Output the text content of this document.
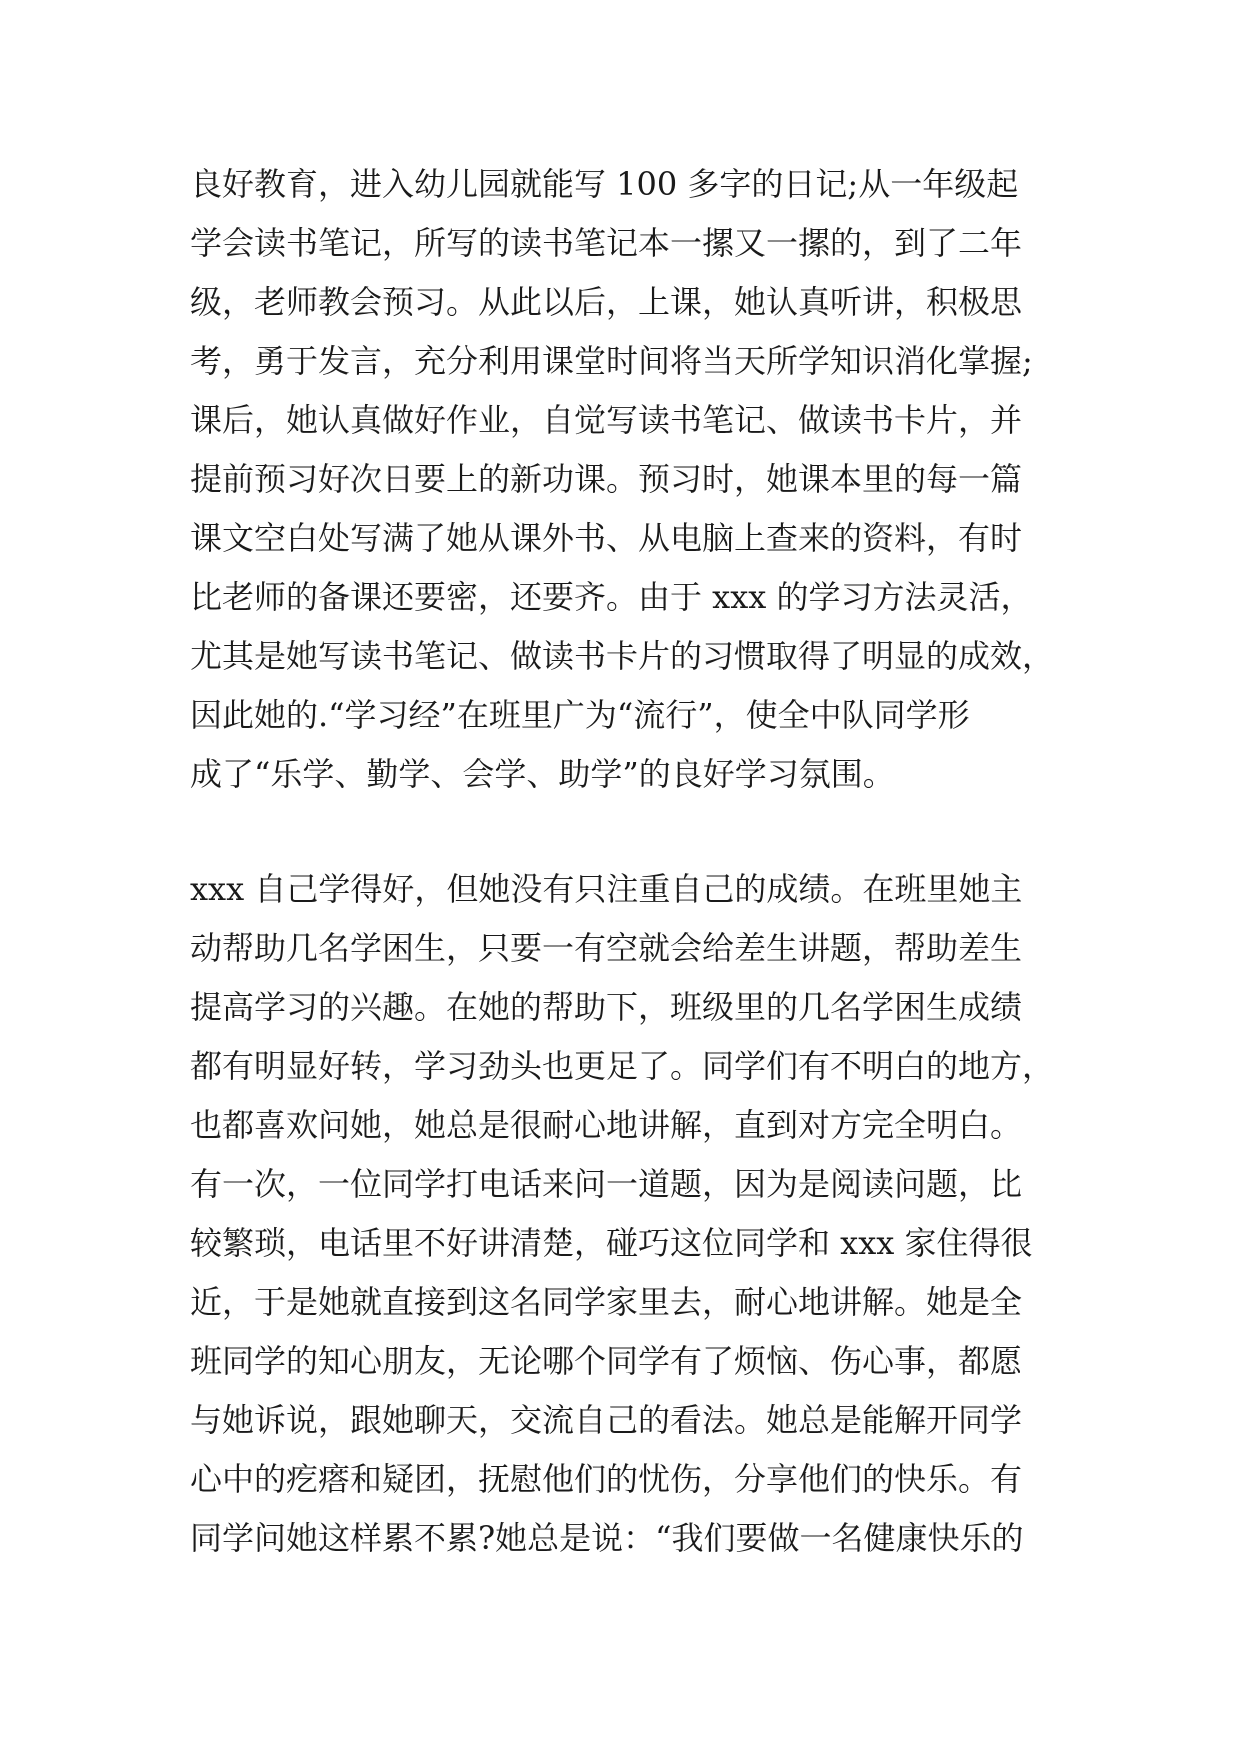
良好教育，进入幼儿园就能写 100 多字的日记;从一年级起
学会读书笔记，所写的读书笔记本一摞又一摞的，到了二年
级，老师教会预习。从此以后，上课，她认真听讲，积极思
考，勇于发言，充分利用课堂时间将当天所学知识消化掌握;
课后，她认真做好作业，自觉写读书笔记、做读书卡片，并
提前预习好次日要上的新功课。预习时，她课本里的每一篇
课文空白处写满了她从课外书、从电脑上查来的资料，有时
比老师的备课还要密，还要齐。由于 xxx 的学习方法灵活，
尤其是她写读书笔记、做读书卡片的习惯取得了明显的成效，
因此她的.“学习经”在班里广为“流行”，使全中队同学形
成了“乐学、勤学、会学、助学”的良好学习氛围。
xxx 自己学得好，但她没有只注重自己的成绩。在班里她主
动帮助几名学困生，只要一有空就会给差生讲题，帮助差生
提高学习的兴趣。在她的帮助下，班级里的几名学困生成绩
都有明显好转，学习劲头也更足了。同学们有不明白的地方，
也都喜欢问她，她总是很耐心地讲解，直到对方完全明白。
有一次，一位同学打电话来问一道题，因为是阅读问题，比
较繁琐，电话里不好讲清楚，碰巧这位同学和 xxx 家住得很
近，于是她就直接到这名同学家里去，耐心地讲解。她是全
班同学的知心朋友，无论哪个同学有了烦恼、伤心事，都愿
与她诉说，跟她聊天，交流自己的看法。她总是能解开同学
心中的疙瘩和疑团，抚慰他们的忧伤，分享他们的快乐。有
同学问她这样累不累?她总是说：“我们要做一名健康快乐的
